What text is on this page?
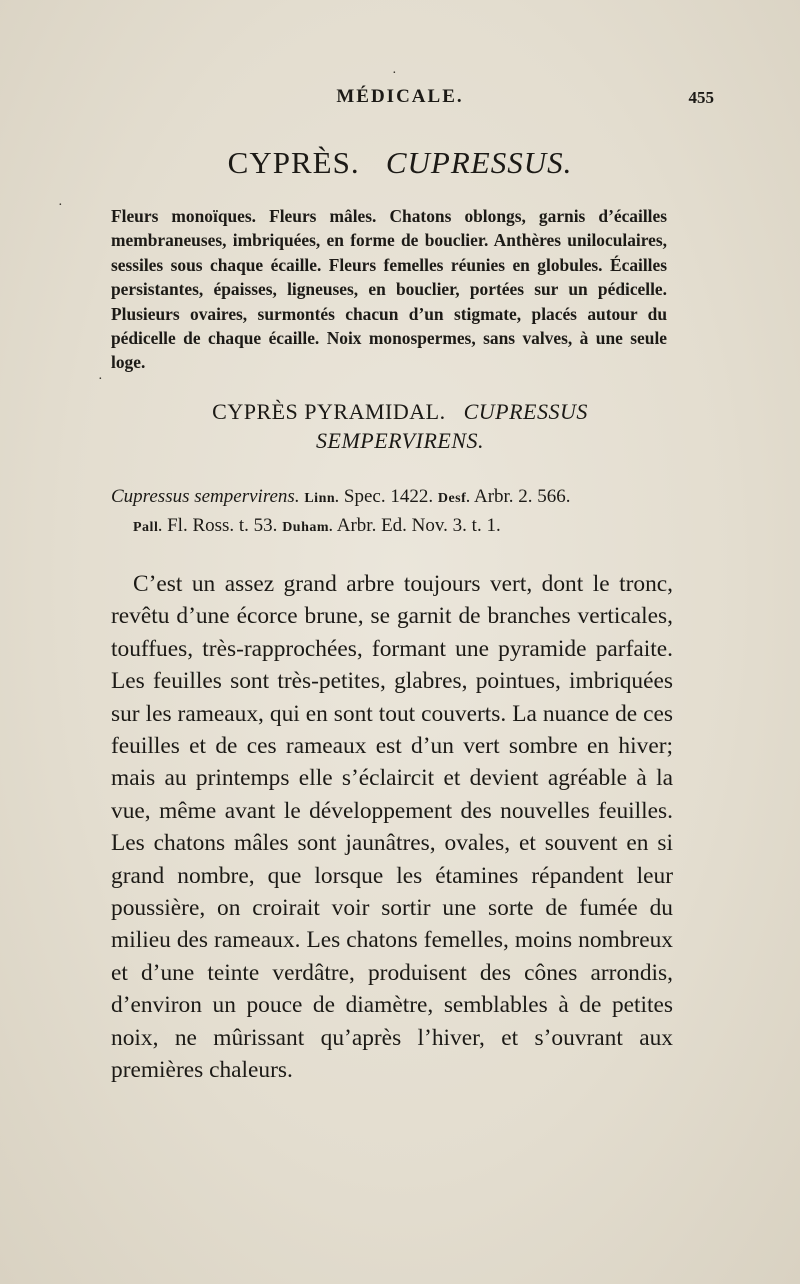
MÉDICALE.	455
CYPRÈS. CUPRESSUS.
Fleurs monoïques. Fleurs mâles. Chatons oblongs, garnis d’écailles membraneuses, imbriquées, en forme de bouclier. Anthères uniloculaires, sessiles sous chaque écaille. Fleurs femelles réunies en globules. Écailles persistantes, épaisses, ligneuses, en bouclier, portées sur un pédicelle. Plusieurs ovaires, surmontés chacun d’un stigmate, placés autour du pédicelle de chaque écaille. Noix monospermes, sans valves, à une seule loge.
CYPRÈS PYRAMIDAL. CUPRESSUS
SEMPERVIRENS.
Cupressus sempervirens. Linn. Spec. 1422. Desf. Arbr. 2. 566.
Pall. Fl. Ross. t. 53. Duham. Arbr. Ed. Nov. 3. t. 1.
C’est un assez grand arbre toujours vert, dont le tronc, revêtu d’une écorce brune, se garnit de branches verticales, touffues, très-rapprochées, formant une pyramide parfaite. Les feuilles sont très-petites, glabres, pointues, imbriquées sur les rameaux, qui en sont tout couverts. La nuance de ces feuilles et de ces rameaux est d’un vert sombre en hiver; mais au printemps elle s’éclaircit et devient agréable à la vue, même avant le développement des nouvelles feuilles. Les chatons mâles sont jaunâtres, ovales, et souvent en si grand nombre, que lorsque les étamines répandent leur poussière, on croirait voir sortir une sorte de fumée du milieu des rameaux. Les chatons femelles, moins nombreux et d’une teinte verdâtre, produisent des cônes arrondis, d’environ un pouce de diamètre, semblables à de petites noix, ne mûrissant qu’après l’hiver, et s’ouvrant aux premières chaleurs.
·
·
·
